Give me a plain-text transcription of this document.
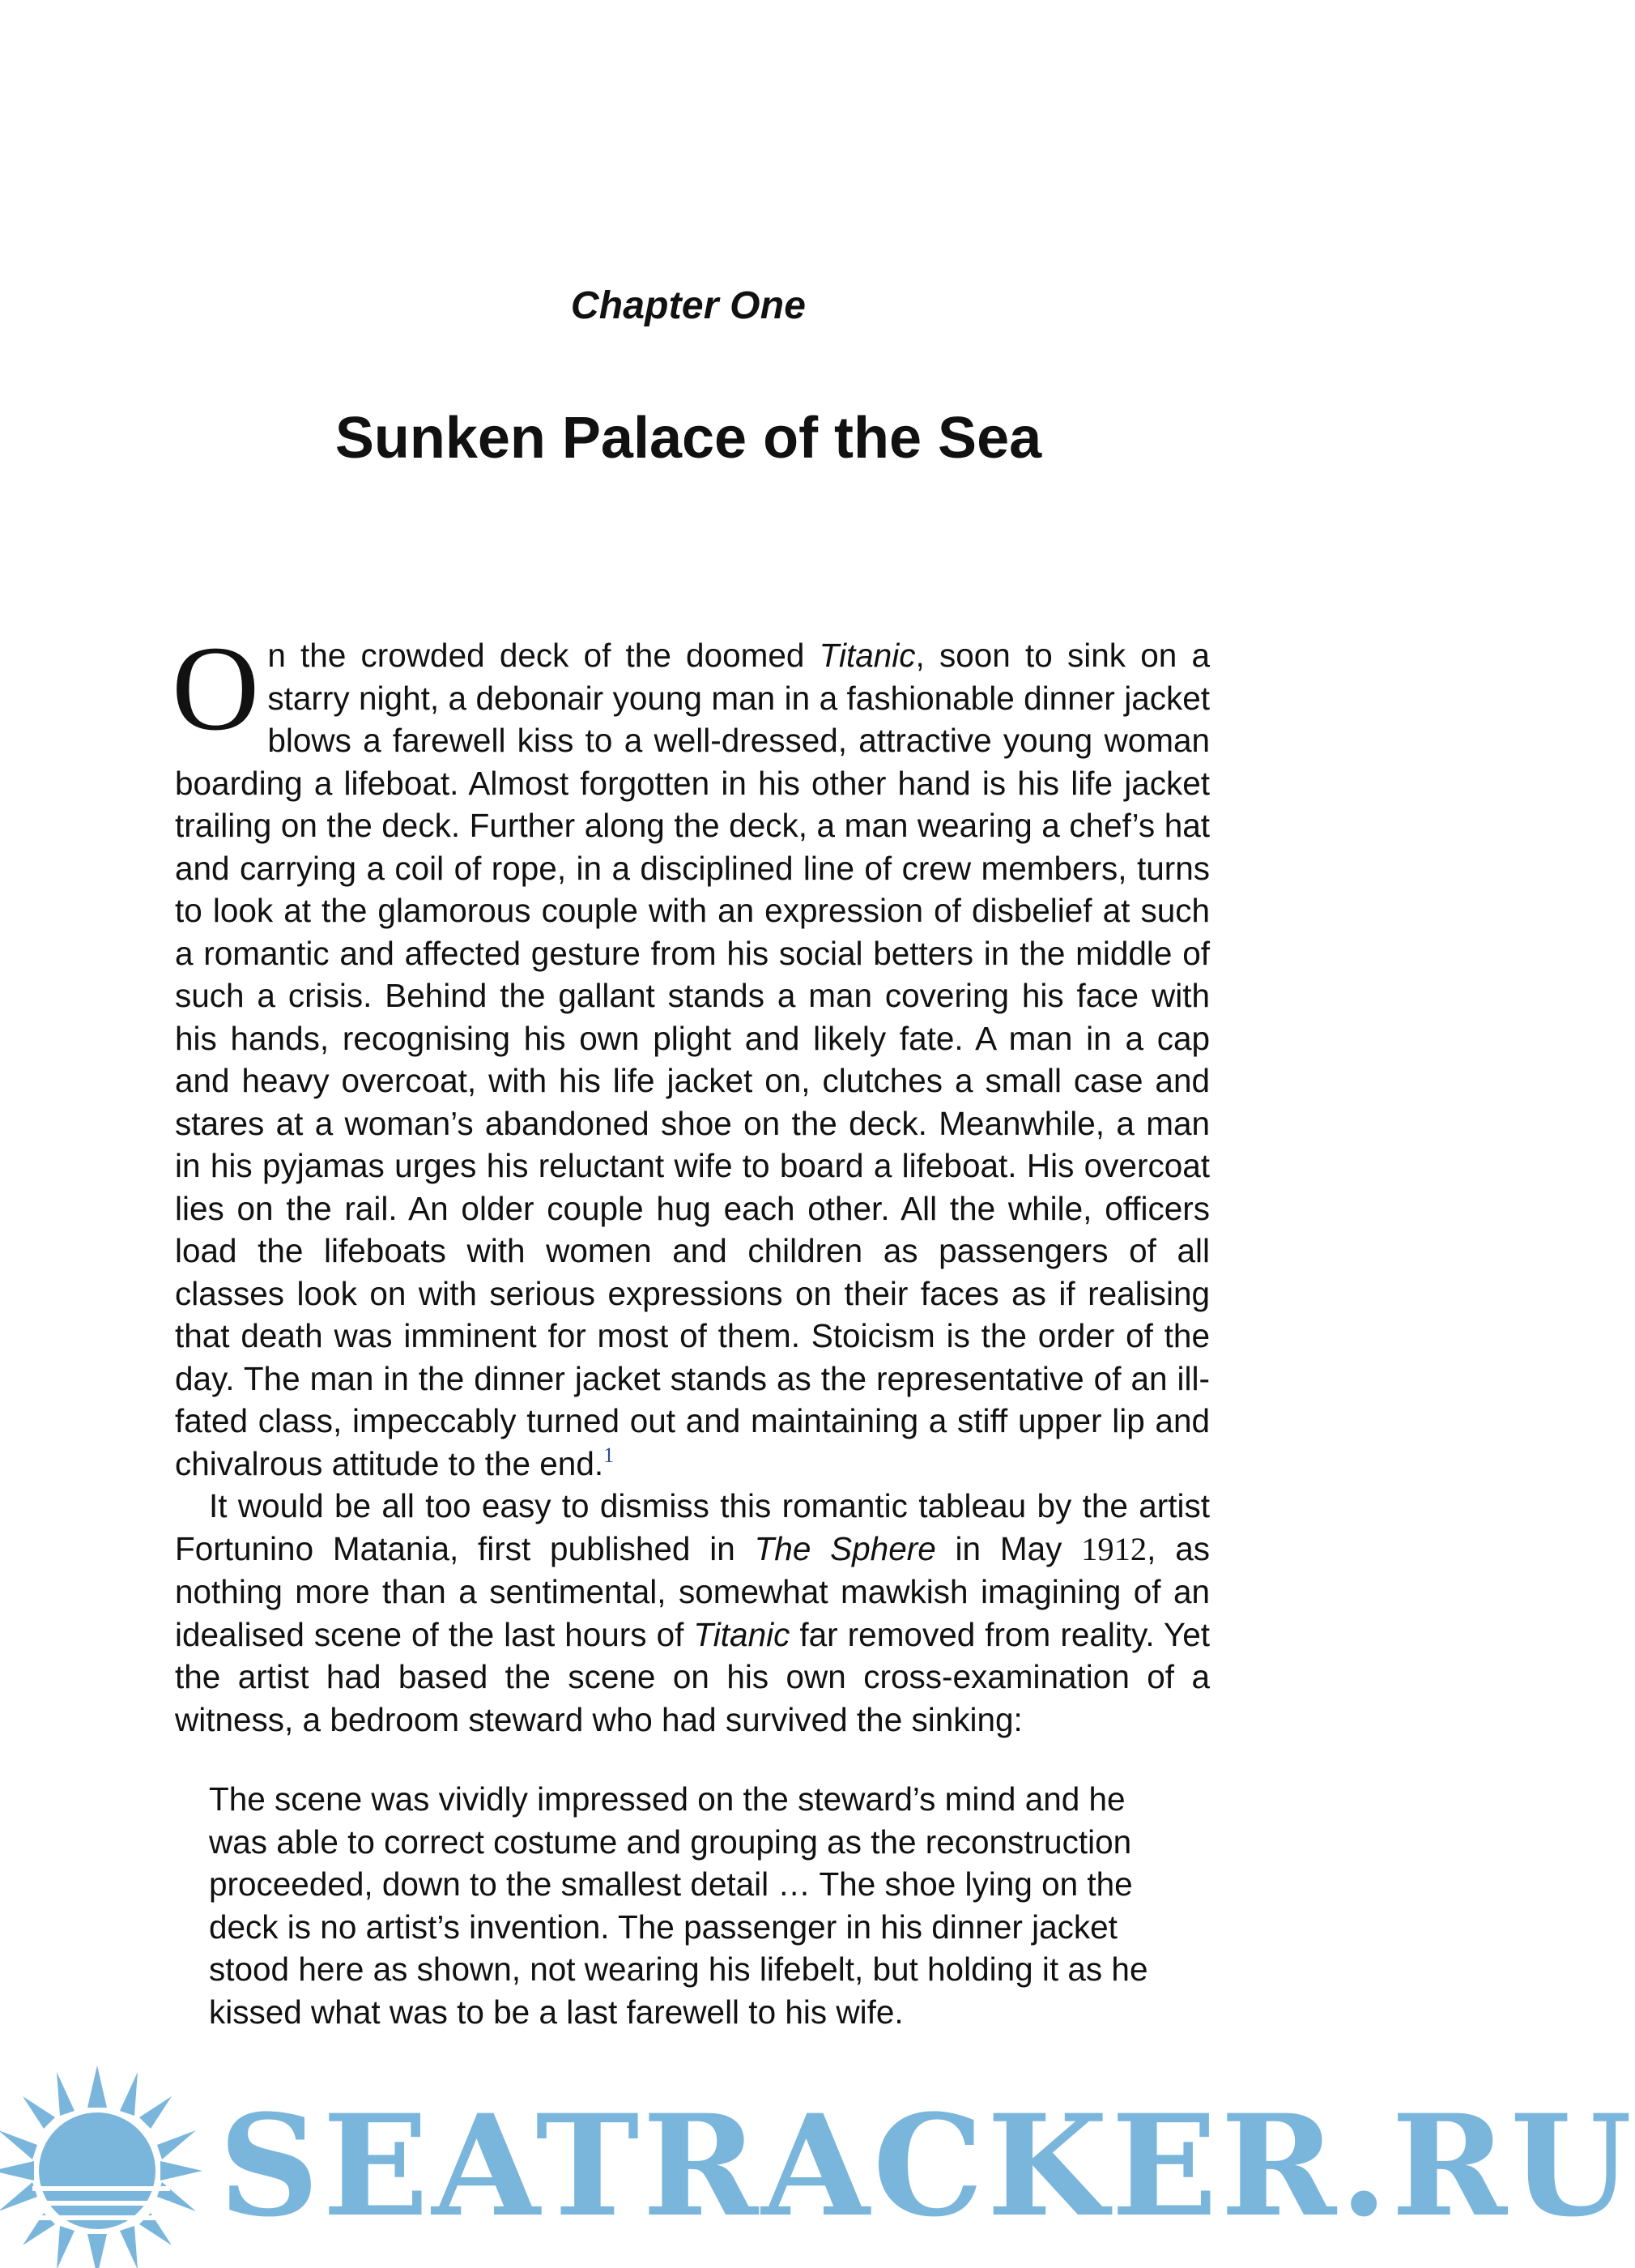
Chapter One
Sunken Palace of the Sea

On the crowded deck of the doomed Titanic, soon to sink on a starry night, a debonair young man in a fashionable dinner jacket blows a farewell kiss to a well-dressed, attractive young woman boarding a lifeboat. Almost forgotten in his other hand is his life jacket trailing on the deck. Further along the deck, a man wearing a chef’s hat and carrying a coil of rope, in a disciplined line of crew members, turns to look at the glamorous couple with an expression of disbelief at such a romantic and affected gesture from his social betters in the middle of such a crisis. Behind the gallant stands a man covering his face with his hands, recognising his own plight and likely fate. A man in a cap and heavy overcoat, with his life jacket on, clutches a small case and stares at a woman’s abandoned shoe on the deck. Meanwhile, a man in his pyjamas urges his reluctant wife to board a lifeboat. His overcoat lies on the rail. An older couple hug each other. All the while, officers load the lifeboats with women and children as passengers of all classes look on with serious expressions on their faces as if realising that death was imminent for most of them. Stoicism is the order of the day. The man in the dinner jacket stands as the representative of an ill-fated class, impeccably turned out and maintaining a stiff upper lip and chivalrous attitude to the end.$^1$

It would be all too easy to dismiss this romantic tableau by the artist Fortunino Matania, first published in The Sphere in May 1912, as nothing more than a sentimental, somewhat mawkish imagining of an idealised scene of the last hours of Titanic far removed from reality. Yet the artist had based the scene on his own cross-examination of a witness, a bedroom steward who had survived the sinking:

The scene was vividly impressed on the steward’s mind and he was able to correct costume and grouping as the reconstruction proceeded, down to the smallest detail … The shoe lying on the deck is no artist’s invention. The passenger in his dinner jacket stood here as shown, not wearing his lifebelt, but holding it as he kissed what was to be a last farewell to his wife.

SEATRACKER.RU
